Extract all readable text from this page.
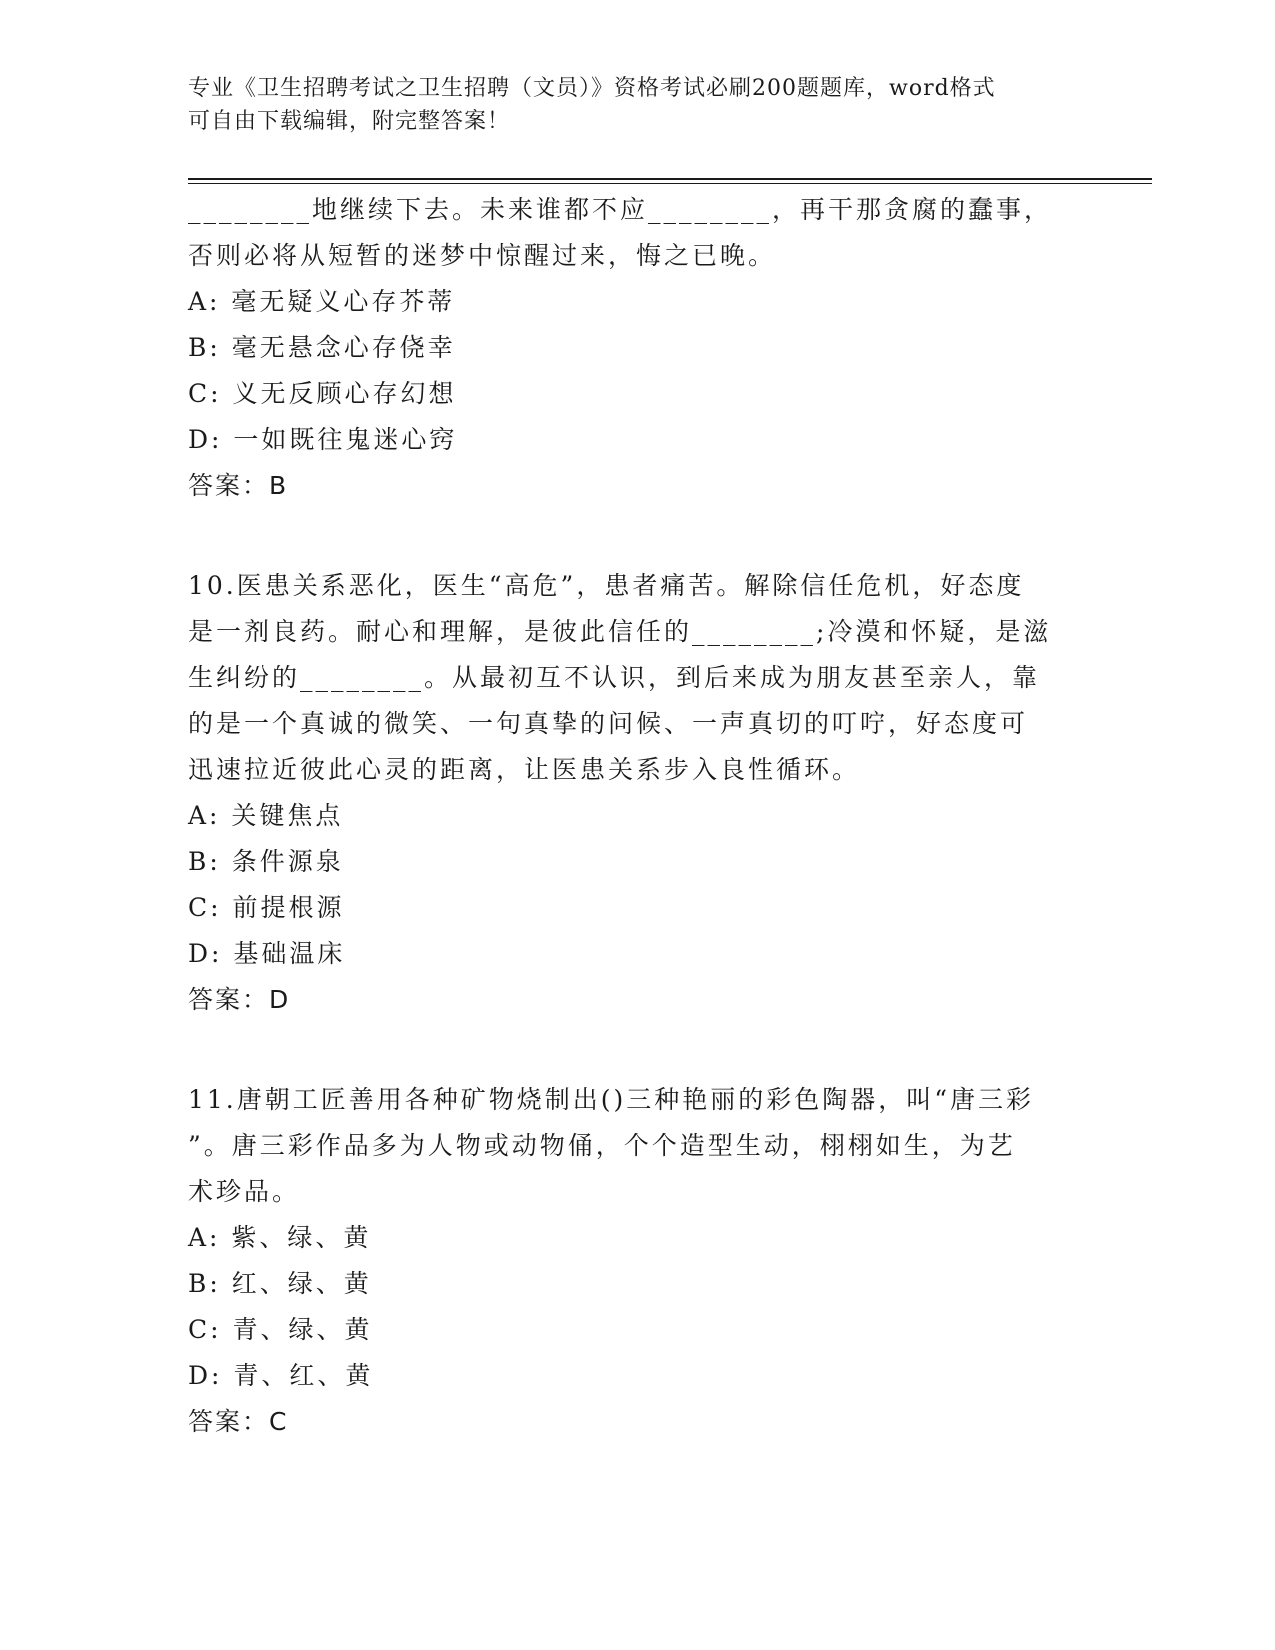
专业《卫生招聘考试之卫生招聘（文员）》资格考试必刷200题题库，word格式
可自由下载编辑，附完整答案！

________地继续下去。未来谁都不应________，再干那贪腐的蠢事，

否则必将从短暂的迷梦中惊醒过来，悔之已晚。

A: 毫无疑义心存芥蒂

B: 毫无悬念心存侥幸

C: 义无反顾心存幻想

D: 一如既往鬼迷心窍

答案：B

10.医患关系恶化，医生“高危”，患者痛苦。解除信任危机，好态度

是一剂良药。耐心和理解，是彼此信任的________;冷漠和怀疑，是滋

生纠纷的________。从最初互不认识，到后来成为朋友甚至亲人，靠

的是一个真诚的微笑、一句真挚的问候、一声真切的叮咛，好态度可

迅速拉近彼此心灵的距离，让医患关系步入良性循环。

A: 关键焦点

B: 条件源泉

C: 前提根源

D: 基础温床

答案：D

11.唐朝工匠善用各种矿物烧制出()三种艳丽的彩色陶器，叫“唐三彩

”。唐三彩作品多为人物或动物俑，个个造型生动，栩栩如生，为艺

术珍品。

A: 紫、绿、黄

B: 红、绿、黄

C: 青、绿、黄

D: 青、红、黄

答案：C
